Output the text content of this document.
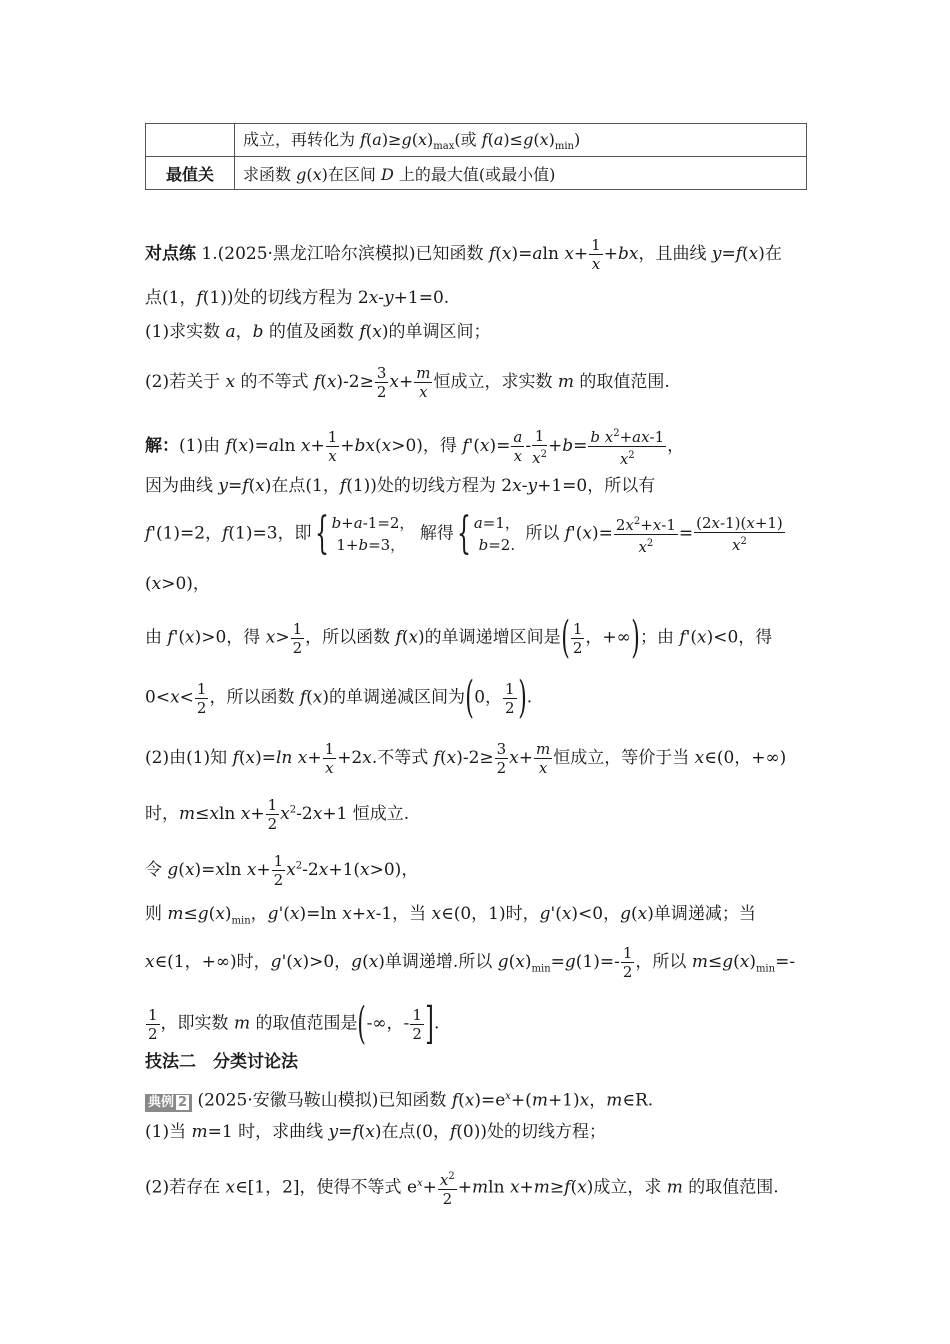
	成立，再转化为 $f(a)\ge g(x)_{max}$(或 $f(a)\le g(x)_{min}$)
最值关	求函数 g(x)在区间 D 上的最大值(或最小值)
对点练 1.(2025·黑龙江哈尔滨模拟)已知函数 f(x)=aln $x+ \frac{1}{x} +bx$，且曲线 y=f(x)在
点(1，f(1))处的切线方程为 2x-y+1=0.
(1)求实数 a，b 的值及函数 f(x)的单调区间；
(2)若关于 x 的不等式 $f(x)-2\ge \frac{3}{2} x+ \frac{m}{x}$ 恒成立，求实数 m 的取值范围.
解：(1)由 f(x)=aln $x+ \frac{1}{x} +bx(x>0)$，得 $f'(x)= \frac{a}{x} - \frac{1}{x^2} +b= \frac{b x^2+ax-1}{x^2}$ ，
因为曲线 y=f(x)在点(1，f(1))处的切线方程为 2x-y+1=0，所以有
f'(1)=2，f(1)=3，即{ b+a-1=2，
1+b=3， 解得{ a=1，
b=2. 所以 $f'(x)= \frac{2x^2+x-1}{x^2} = \frac{(2x-1)(x+1)}{x^2}$
(x>0)，
由 f'(x)>0，得 $x> \frac{1}{2}$ ，所以函数 f(x)的单调递增区间是( $\frac{1}{2}$ ，+∞)；由 f'(x)<0，得
$0<x< \frac{1}{2}$ ，所以函数 f(x)的单调递减区间为(0， $\frac{1}{2}$ ).
(2)由(1)知 f(x)=ln $x+ \frac{1}{x} +2x$.不等式 $f(x)-2\ge \frac{3}{2} x+ \frac{m}{x}$ 恒成立，等价于当 x∈(0，+∞)
时，m≤xln $x+ \frac{1}{2} x^2-2x+1$ 恒成立.
令 g(x)=xln $x+ \frac{1}{2} x^2-2x+1(x>0)$，
则 $m\le g(x)_{min}$，g'(x)=ln x+x-1，当 x∈(0，1)时，g'(x)<0，g(x)单调递减；当
x∈(1，+∞)时，g'(x)>0，g(x)单调递增.所以 $g(x)_{min}=g(1)=- \frac{1}{2}$ ，所以 $m\le g(x)_{min}=-$
$\frac{1}{2}$ ，即实数 m 的取值范围是(-∞，- $\frac{1}{2}$ ].
技法二　分类讨论法
典例 2 (2025·安徽马鞍山模拟)已知函数 $f(x)=e^x+(m+1)x$，m∈R.
(1)当 m=1 时，求曲线 y=f(x)在点(0，f(0))处的切线方程；
(2)若存在 x∈[1，2]，使得不等式 $e^x+ \frac{x^2}{2} +mln$ x+m≥f(x)成立，求 m 的取值范围.
